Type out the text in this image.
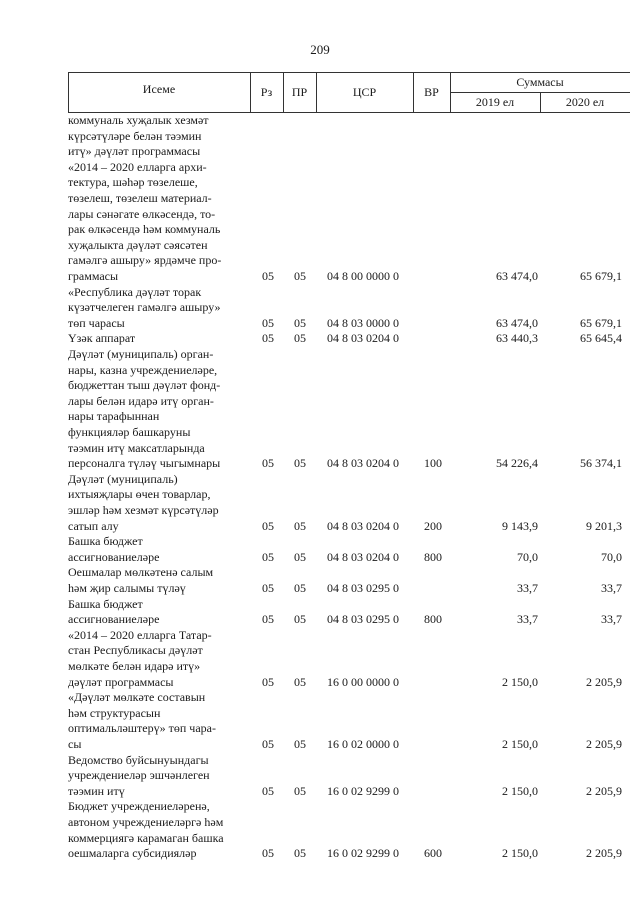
209
Исеме	Рз	ПР	ЦСР	ВР
Суммасы
2019 ел	2020 ел
коммуналь хуҗалык хезмәт
күрсәтүләре белән тәэмин
итү» дәүләт программасы
«2014 – 2020 елларга архи-
тектура, шәһәр төзелеше,
төзелеш, төзелеш материал-
лары сәнәгате өлкәсендә, то-
рак өлкәсендә һәм коммуналь
хуҗалыкта дәүләт сәясәтен
гамәлгә ашыру» ярдәмче про-
граммасы	05 05 04 8 00 0000 0	63 474,0	65 679,1
«Республика дәүләт торак
күзәтчелеген гамәлгә ашыру»
төп чарасы	05 05 04 8 03 0000 0	63 474,0	65 679,1
Үзәк аппарат	05 05 04 8 03 0204 0	63 440,3	65 645,4
Дәүләт (муниципаль) орган-
нары, казна учреждениеләре,
бюджеттан тыш дәүләт фонд-
лары белән идарә итү орган-
нары тарафыннан
функцияләр башкаруны
тәэмин итү максатларында
персоналга түләү чыгымнары	05 05 04 8 03 0204 0 100	54 226,4	56 374,1
Дәүләт (муниципаль)
ихтыяҗлары өчен товарлар,
эшләр һәм хезмәт күрсәтүләр
сатып алу	05 05 04 8 03 0204 0 200	9 143,9	9 201,3
Башка бюджет
ассигнованиеләре	05 05 04 8 03 0204 0 800	70,0	70,0
Оешмалар мөлкәтенә салым
һәм җир салымы түләү	05 05 04 8 03 0295 0	33,7	33,7
Башка бюджет
ассигнованиеләре	05 05 04 8 03 0295 0 800	33,7	33,7
«2014 – 2020 елларга Татар-
стан Республикасы дәүләт
мөлкәте белән идарә итү»
дәүләт программасы	05 05 16 0 00 0000 0	2 150,0	2 205,9
«Дәүләт мөлкәте составын
һәм структурасын
оптимальләштерү» төп чара-
сы	05 05 16 0 02 0000 0	2 150,0	2 205,9
Ведомство буйсынуындагы
учреждениеләр эшчәнлеген
тәэмин итү	05 05 16 0 02 9299 0	2 150,0	2 205,9
Бюджет учреждениеләренә,
автоном учреждениеләргә һәм
коммерциягә карамаган башка
оешмаларга субсидияләр	05 05 16 0 02 9299 0 600	2 150,0	2 205,9
